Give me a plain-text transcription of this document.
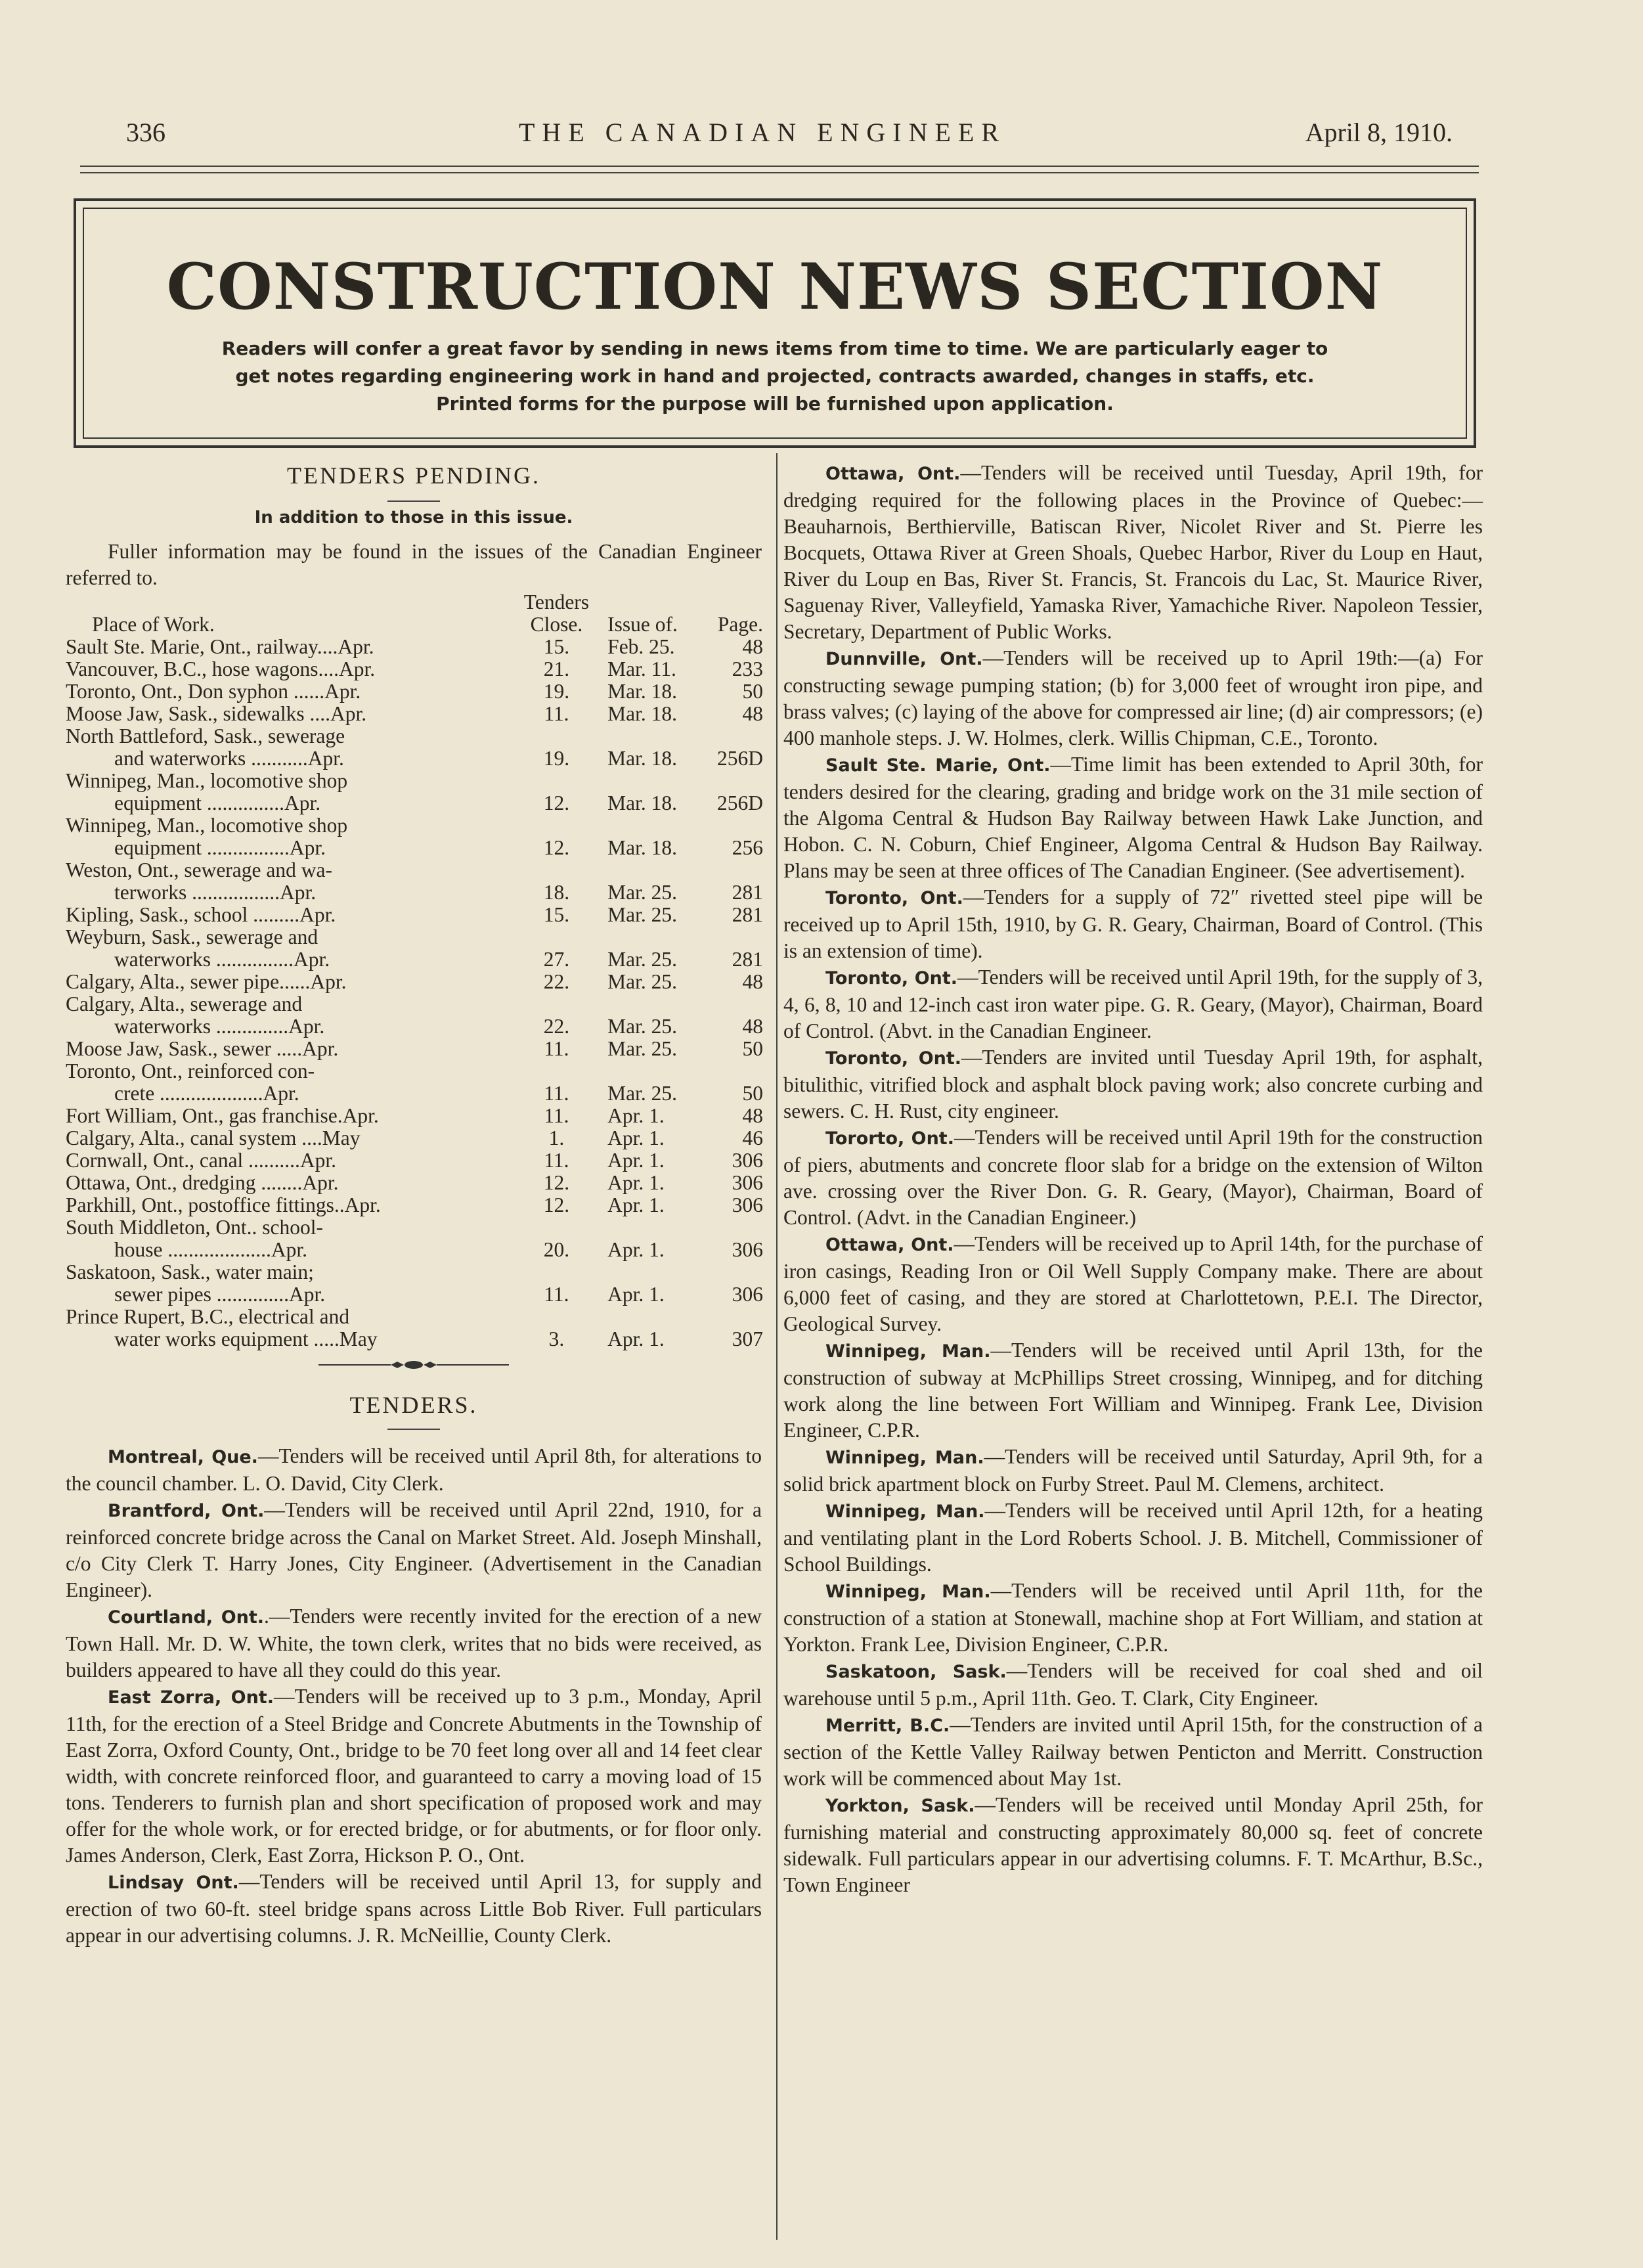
336	THE CANADIAN ENGINEER	April 8, 1910.
CONSTRUCTION NEWS SECTION
Readers will confer a great favor by sending in news items from time to time. We are particularly eager to
get notes regarding engineering work in hand and projected, contracts awarded, changes in staffs, etc.
Printed forms for the purpose will be furnished upon application.
TENDERS PENDING.
In addition to those in this issue.

Fuller information may be found in the issues of the Canadian Engineer referred to.

	Tenders		
Place of Work.	Close.	Issue of.	Page.
Sault Ste. Marie, Ont., railway....Apr.	15.	Feb. 25.	48
Vancouver, B.C., hose wagons....Apr.	21.	Mar. 11.	233
Toronto, Ont., Don syphon ......Apr.	19.	Mar. 18.	50
Moose Jaw, Sask., sidewalks ....Apr.	11.	Mar. 18.	48
North Battleford, Sask., sewerage			
and waterworks ...........Apr.	19.	Mar. 18.	256D
Winnipeg, Man., locomotive shop			
equipment ...............Apr.	12.	Mar. 18.	256D
Winnipeg, Man., locomotive shop			
equipment ................Apr.	12.	Mar. 18.	256
Weston, Ont., sewerage and wa-			
terworks .................Apr.	18.	Mar. 25.	281
Kipling, Sask., school .........Apr.	15.	Mar. 25.	281
Weyburn, Sask., sewerage and			
waterworks ...............Apr.	27.	Mar. 25.	281
Calgary, Alta., sewer pipe......Apr.	22.	Mar. 25.	48
Calgary, Alta., sewerage and			
waterworks ..............Apr.	22.	Mar. 25.	48
Moose Jaw, Sask., sewer .....Apr.	11.	Mar. 25.	50
Toronto, Ont., reinforced con-			
crete ....................Apr.	11.	Mar. 25.	50
Fort William, Ont., gas franchise.Apr.	11.	Apr. 1.	48
Calgary, Alta., canal system ....May	1.	Apr. 1.	46
Cornwall, Ont., canal ..........Apr.	11.	Apr. 1.	306
Ottawa, Ont., dredging ........Apr.	12.	Apr. 1.	306
Parkhill, Ont., postoffice fittings..Apr.	12.	Apr. 1.	306
South Middleton, Ont.. school-			
house ....................Apr.	20.	Apr. 1.	306
Saskatoon, Sask., water main;			
sewer pipes ..............Apr.	11.	Apr. 1.	306
Prince Rupert, B.C., electrical and			
water works equipment .....May	3.	Apr. 1.	307
TENDERS.

Montreal, Que.—Tenders will be received until April 8th, for alterations to the council chamber. L. O. David, City Clerk.

Brantford, Ont.—Tenders will be received until April 22nd, 1910, for a reinforced concrete bridge across the Canal on Market Street. Ald. Joseph Minshall, c/o City Clerk T. Harry Jones, City Engineer. (Advertisement in the Canadian Engineer).

Courtland, Ont..—Tenders were recently invited for the erection of a new Town Hall. Mr. D. W. White, the town clerk, writes that no bids were received, as builders appeared to have all they could do this year.

East Zorra, Ont.—Tenders will be received up to 3 p.m., Monday, April 11th, for the erection of a Steel Bridge and Concrete Abutments in the Township of East Zorra, Oxford County, Ont., bridge to be 70 feet long over all and 14 feet clear width, with concrete reinforced floor, and guaranteed to carry a moving load of 15 tons. Tenderers to furnish plan and short specification of proposed work and may offer for the whole work, or for erected bridge, or for abutments, or for floor only. James Anderson, Clerk, East Zorra, Hickson P. O., Ont.

Lindsay Ont.—Tenders will be received until April 13, for supply and erection of two 60-ft. steel bridge spans across Little Bob River. Full particulars appear in our advertising columns. J. R. McNeillie, County Clerk.

Ottawa, Ont.—Tenders will be received until Tuesday, April 19th, for dredging required for the following places in the Province of Quebec:—Beauharnois, Berthierville, Batiscan River, Nicolet River and St. Pierre les Bocquets, Ottawa River at Green Shoals, Quebec Harbor, River du Loup en Haut, River du Loup en Bas, River St. Francis, St. Francois du Lac, St. Maurice River, Saguenay River, Valleyfield, Yamaska River, Yamachiche River. Napoleon Tessier, Secretary, Department of Public Works.

Dunnville, Ont.—Tenders will be received up to April 19th:—(a) For constructing sewage pumping station; (b) for 3,000 feet of wrought iron pipe, and brass valves; (c) laying of the above for compressed air line; (d) air compressors; (e) 400 manhole steps. J. W. Holmes, clerk. Willis Chipman, C.E., Toronto.

Sault Ste. Marie, Ont.—Time limit has been extended to April 30th, for tenders desired for the clearing, grading and bridge work on the 31 mile section of the Algoma Central & Hudson Bay Railway between Hawk Lake Junction, and Hobon. C. N. Coburn, Chief Engineer, Algoma Central & Hudson Bay Railway. Plans may be seen at three offices of The Canadian Engineer. (See advertisement).

Toronto, Ont.—Tenders for a supply of 72″ rivetted steel pipe will be received up to April 15th, 1910, by G. R. Geary, Chairman, Board of Control. (This is an extension of time).

Toronto, Ont.—Tenders will be received until April 19th, for the supply of 3, 4, 6, 8, 10 and 12-inch cast iron water pipe. G. R. Geary, (Mayor), Chairman, Board of Control. (Abvt. in the Canadian Engineer.

Toronto, Ont.—Tenders are invited until Tuesday April 19th, for asphalt, bitulithic, vitrified block and asphalt block paving work; also concrete curbing and sewers. C. H. Rust, city engineer.

Tororto, Ont.—Tenders will be received until April 19th for the construction of piers, abutments and concrete floor slab for a bridge on the extension of Wilton ave. crossing over the River Don. G. R. Geary, (Mayor), Chairman, Board of Control. (Advt. in the Canadian Engineer.)

Ottawa, Ont.—Tenders will be received up to April 14th, for the purchase of iron casings, Reading Iron or Oil Well Supply Company make. There are about 6,000 feet of casing, and they are stored at Charlottetown, P.E.I. The Director, Geological Survey.

Winnipeg, Man.—Tenders will be received until April 13th, for the construction of subway at McPhillips Street crossing, Winnipeg, and for ditching work along the line between Fort William and Winnipeg. Frank Lee, Division Engineer, C.P.R.

Winnipeg, Man.—Tenders will be received until Saturday, April 9th, for a solid brick apartment block on Furby Street. Paul M. Clemens, architect.

Winnipeg, Man.—Tenders will be received until April 12th, for a heating and ventilating plant in the Lord Roberts School. J. B. Mitchell, Commissioner of School Buildings.

Winnipeg, Man.—Tenders will be received until April 11th, for the construction of a station at Stonewall, machine shop at Fort William, and station at Yorkton. Frank Lee, Division Engineer, C.P.R.

Saskatoon, Sask.—Tenders will be received for coal shed and oil warehouse until 5 p.m., April 11th. Geo. T. Clark, City Engineer.

Merritt, B.C.—Tenders are invited until April 15th, for the construction of a section of the Kettle Valley Railway betwen Penticton and Merritt. Construction work will be commenced about May 1st.

Yorkton, Sask.—Tenders will be received until Monday April 25th, for furnishing material and constructing approximately 80,000 sq. feet of concrete sidewalk. Full particulars appear in our advertising columns. F. T. McArthur, B.Sc., Town Engineer
